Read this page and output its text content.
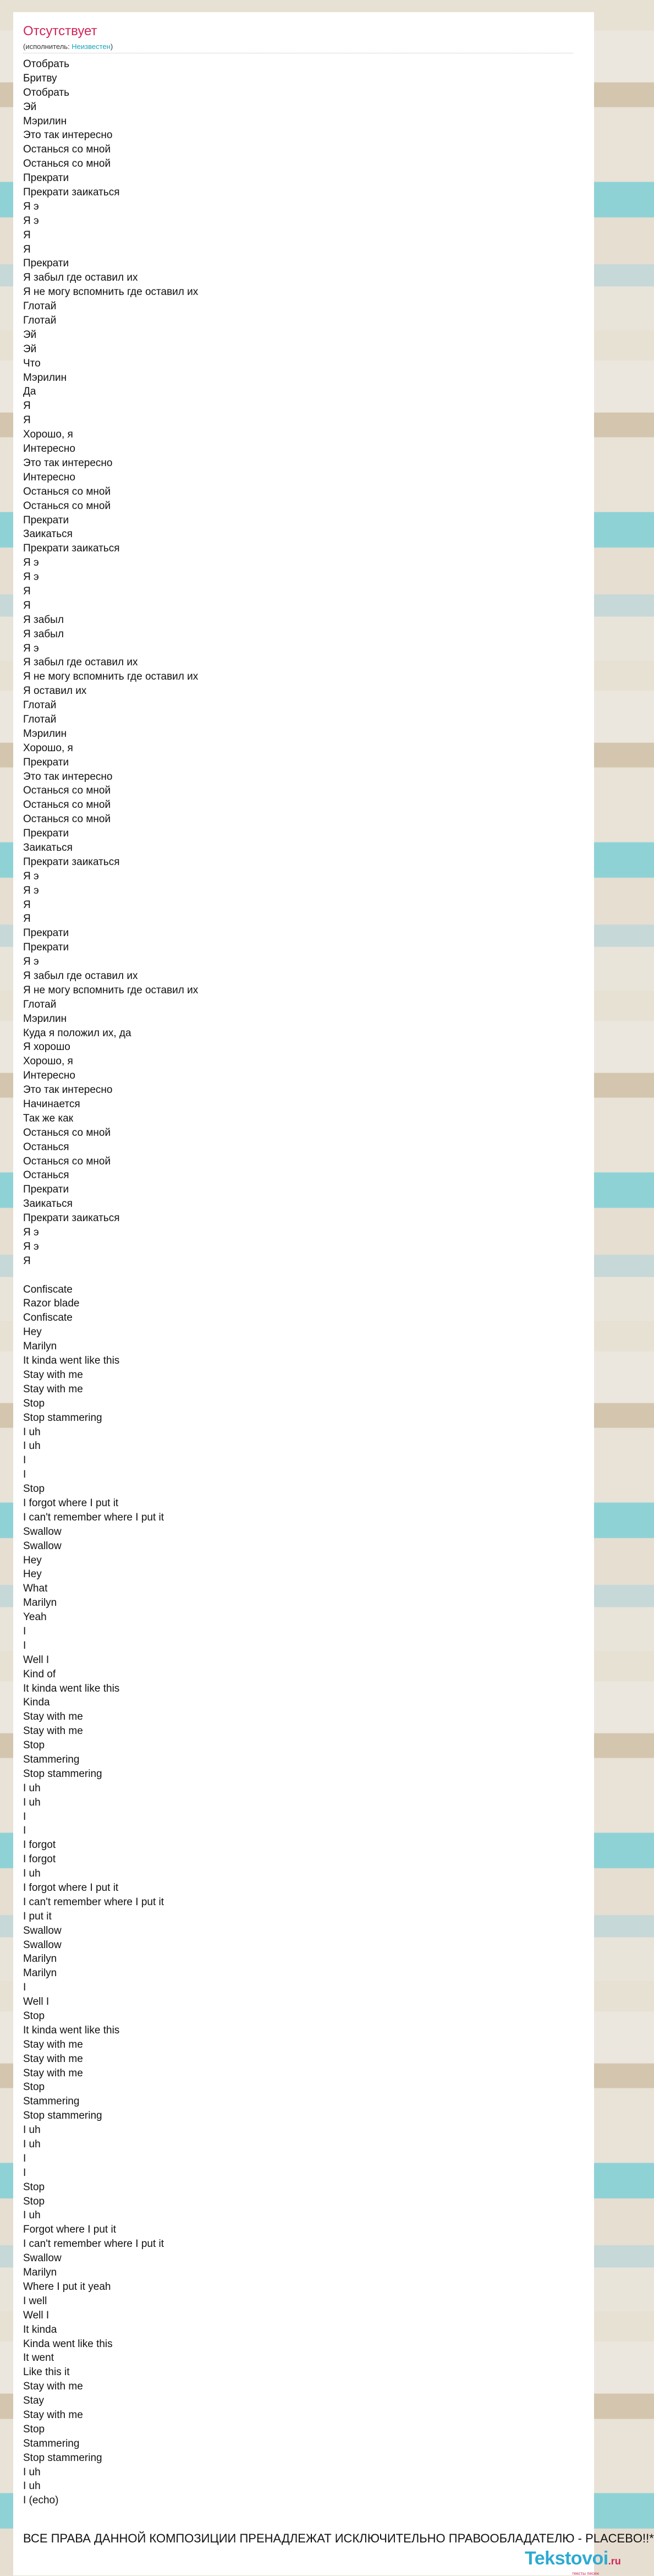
Отсутствует
(исполнитель: Неизвестен)
Отобрать
Бритву
Отобрать
Эй
Мэрилин
Это так интересно
Останься со мной
Останься со мной
Прекрати
Прекрати заикаться
Я э
Я э
Я
Я
Прекрати
Я забыл где оставил их
Я не могу вспомнить где оставил их
Глотай
Глотай
Эй
Эй
Что
Мэрилин
Да
Я
Я
Хорошо, я
Интересно
Это так интересно
Интересно
Останься со мной
Останься со мной
Прекрати
Заикаться
Прекрати заикаться
Я э
Я э
Я
Я
Я забыл
Я забыл
Я э
Я забыл где оставил их
Я не могу вспомнить где оставил их
Я оставил их
Глотай
Глотай
Мэрилин
Хорошо, я
Прекрати
Это так интересно
Останься со мной
Останься со мной
Останься со мной
Прекрати
Заикаться
Прекрати заикаться
Я э
Я э
Я
Я
Прекрати
Прекрати
Я э
Я забыл где оставил их
Я не могу вспомнить где оставил их
Глотай
Мэрилин
Куда я положил их, да
Я хорошо
Хорошо, я
Интересно
Это так интересно
Начинается
Так же как
Останься со мной
Останься
Останься со мной
Останься
Прекрати
Заикаться
Прекрати заикаться
Я э
Я э
Я
Confiscate
Razor blade
Confiscate
Hey
Marilyn
It kinda went like this
Stay with me
Stay with me
Stop
Stop stammering
I uh
I uh
I
I
Stop
I forgot where I put it
I can't remember where I put it
Swallow
Swallow
Hey
Hey
What
Marilyn
Yeah
I
I
Well I
Kind of
It kinda went like this
Kinda
Stay with me
Stay with me
Stop
Stammering
Stop stammering
I uh
I uh
I
I
I forgot
I forgot
I uh
I forgot where I put it
I can't remember where I put it
I put it
Swallow
Swallow
Marilyn
Marilyn
I
Well I
Stop
It kinda went like this
Stay with me
Stay with me
Stay with me
Stop
Stammering
Stop stammering
I uh
I uh
I
I
Stop
Stop
I uh
Forgot where I put it
I can't remember where I put it
Swallow
Marilyn
Where I put it yeah
I well
Well I
It kinda
Kinda went like this
It went
Like this it
Stay with me
Stay
Stay with me
Stop
Stammering
Stop stammering
I uh
I uh
I (echo)
ВСЕ ПРАВА ДАННОЙ КОМПОЗИЦИИ ПРЕНАДЛЕЖАТ ИСКЛЮЧИТЕЛЬНО ПРАВООБЛАДАТЕЛЮ - PLACEBO!!*
Tekstovoi.ru
тексты песен
